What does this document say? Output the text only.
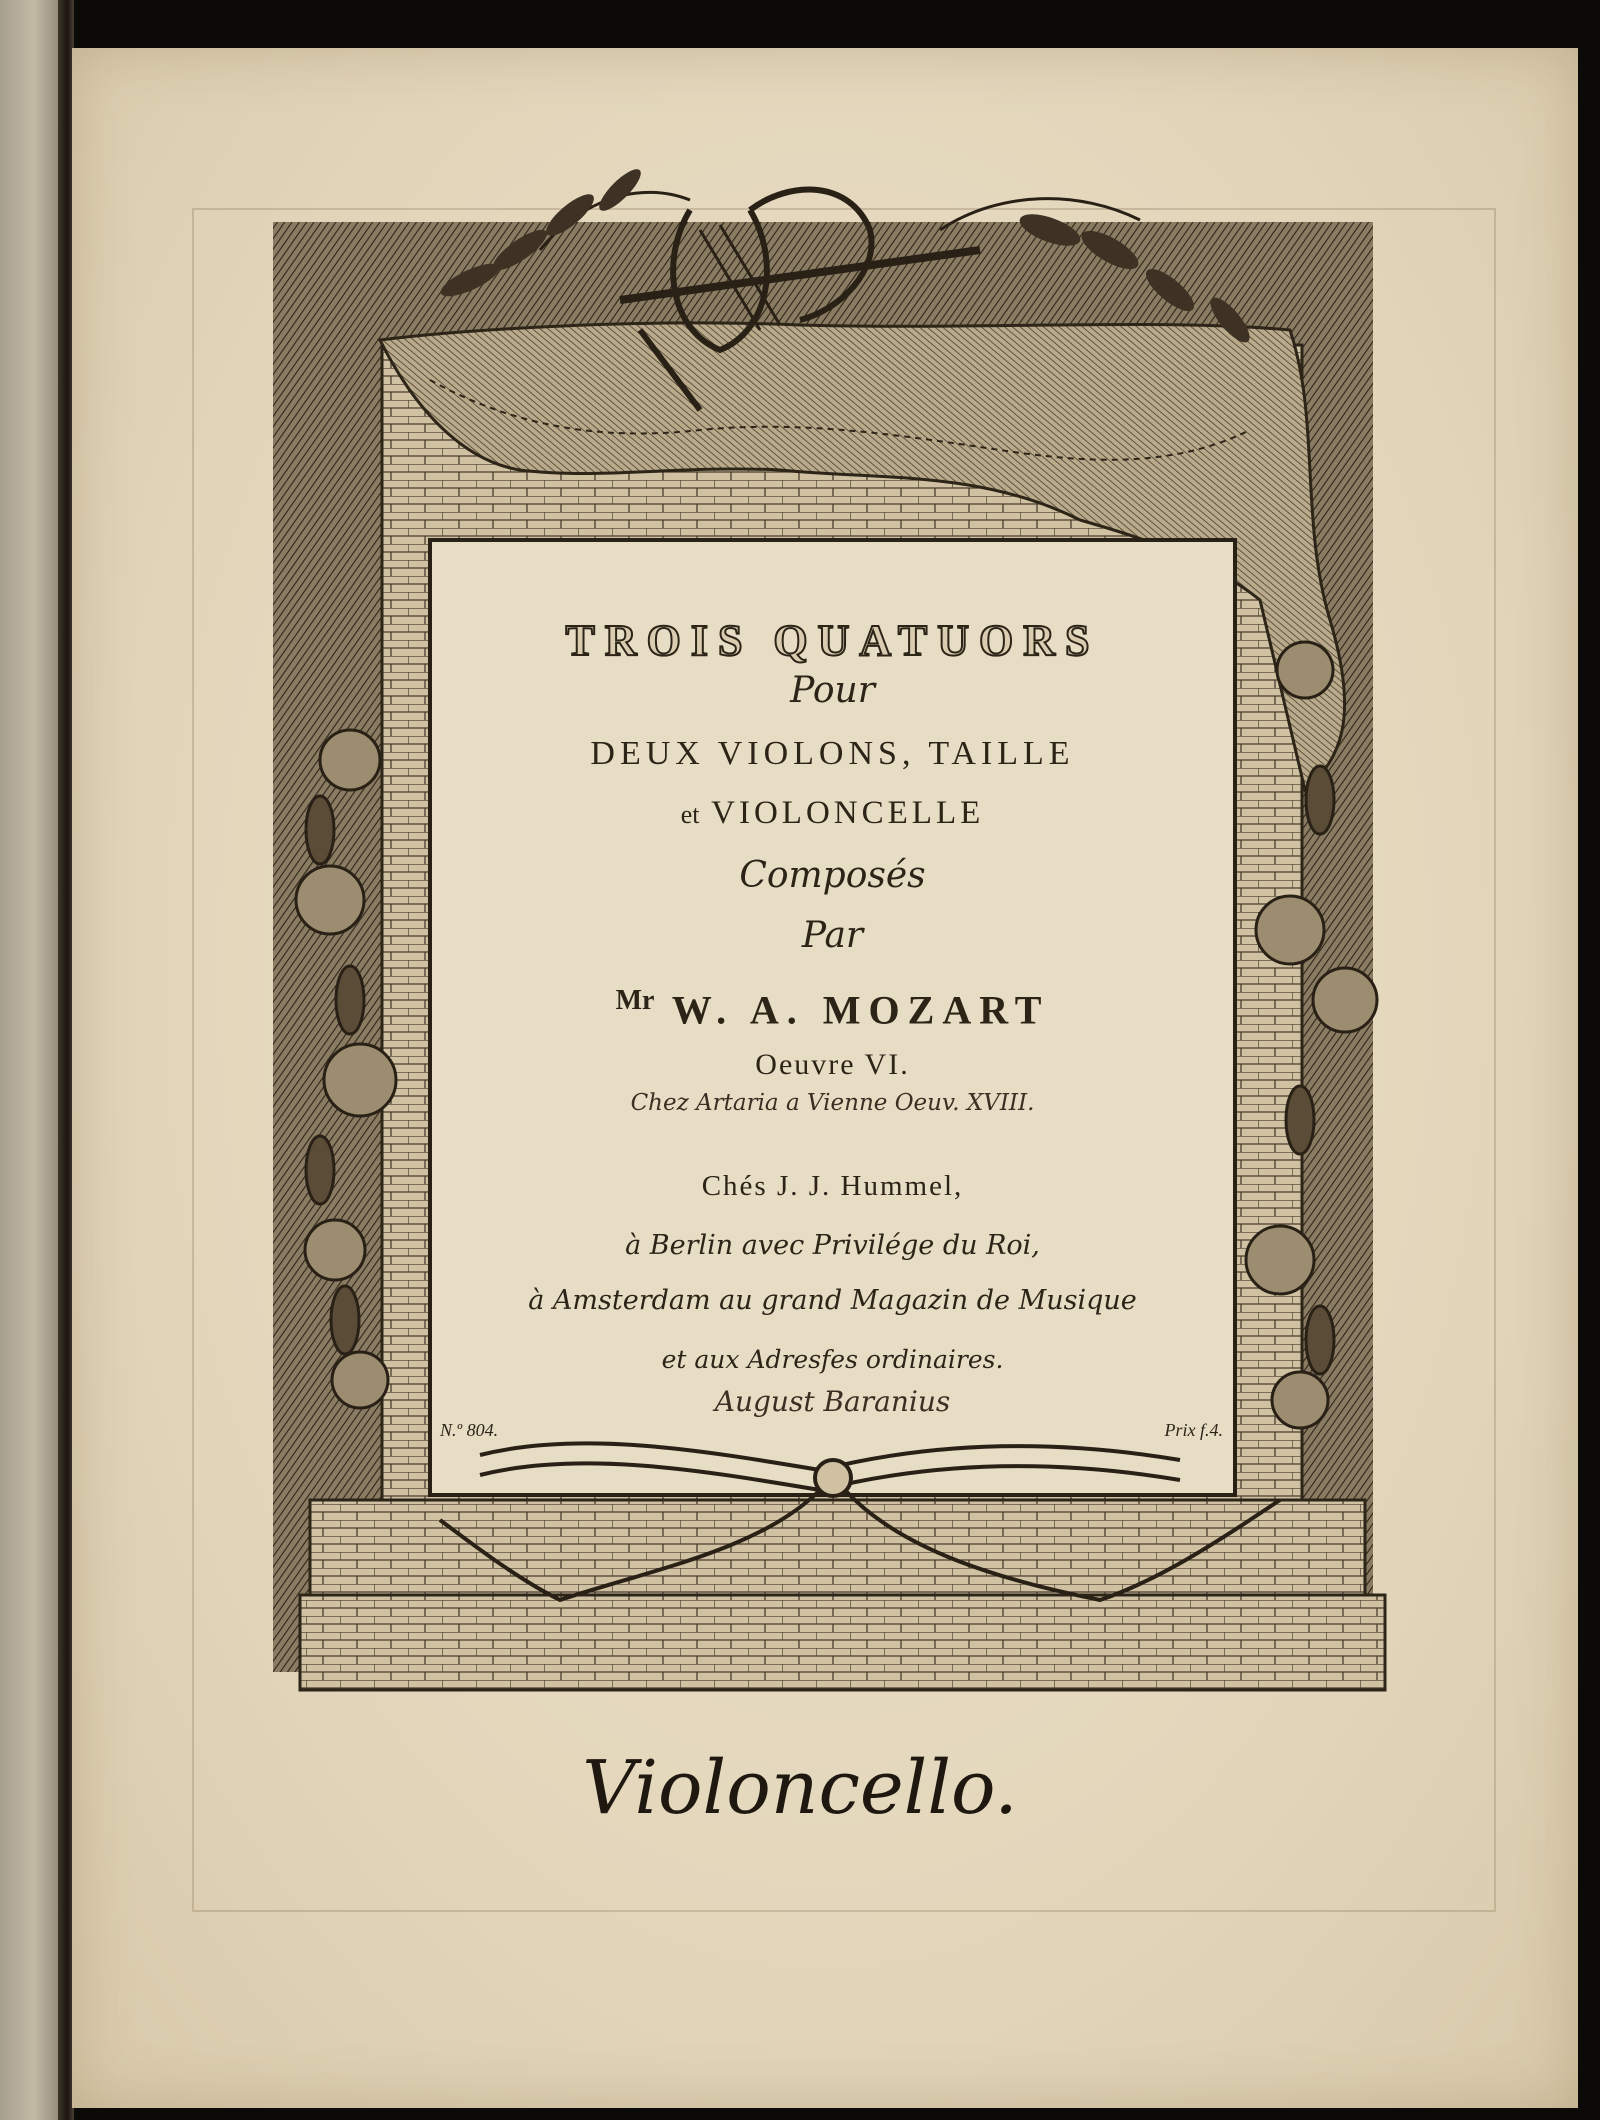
TROIS QUATUORS
Pour
DEUX VIOLONS, TAILLE
et VIOLONCELLE
Composés
Par
$^{Mr}$ W. A. MOZART
Oeuvre VI.
Chez Artaria a Vienne Oeuv. XVIII.
Chés J. J. Hummel,
à Berlin avec Privilége du Roi,
à Amsterdam au grand Magazin de Musique
et aux Adresfes ordinaires.
August Baranius
N.º 804.	Prix f.4.
Violoncello.
